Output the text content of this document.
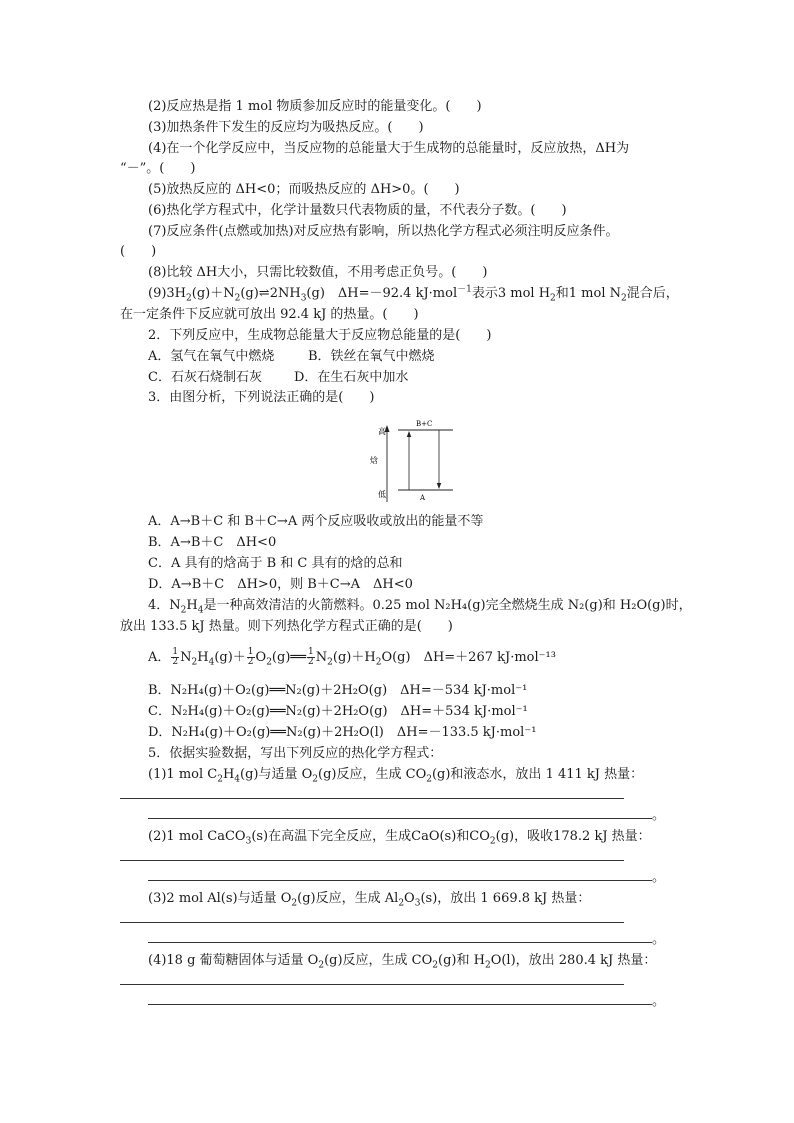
(2)反应热是指 1 mol 物质参加反应时的能量变化。(　　)
(3)加热条件下发生的反应均为吸热反应。(　　)
(4)在一个化学反应中，当反应物的总能量大于生成物的总能量时，反应放热，ΔH为
“－”。(　　)
(5)放热反应的 ΔH<0；而吸热反应的 ΔH>0。(　　)
(6)热化学方程式中，化学计量数只代表物质的量，不代表分子数。(　　)
(7)反应条件(点燃或加热)对反应热有影响，所以热化学方程式必须注明反应条件。
(　　)
(8)比较 ΔH大小，只需比较数值，不用考虑正负号。(　　)
$(9)3H_2(g)+N_2(g)\rightleftharpoons 2NH_3(g)$　ΔH=－92.4 kJ·mol$^{-1}$表示3 mol $H_2$和1 mol $N_2$混合后，
在一定条件下反应就可放出 92.4 kJ 的热量。(　　)
2．下列反应中，生成物总能量大于反应物总能量的是(　　)
A．氢气在氧气中燃烧	B．铁丝在氧气中燃烧
C．石灰石烧制石灰 D．在生石灰中加水
3．由图分析，下列说法正确的是(　　)
高
焓
低
B+C
A
A．A→B＋C 和 B＋C→A 两个反应吸收或放出的能量不等
B．A→B＋C　ΔH<0
C．A 具有的焓高于 B 和 C 具有的焓的总和
D．A→B＋C　ΔH>0，则 B＋C→A　ΔH<0
4．$N_2H_4$是一种高效清洁的火箭燃料。0.25 mol N₂H₄(g)完全燃烧生成 N₂(g)和 H₂O(g)时，
放出 133.5 kJ 热量。则下列热化学方程式正确的是(　　)
A． $\frac{1}{2} N_2H_4(g)+ \frac{1}{2}$ $O_2(g)══ \frac{1}{2} N_2(g)+H_2O(g)$　ΔH=＋267 kJ·mol⁻¹³
B．N₂H₄(g)＋O₂(g)══N₂(g)＋2H₂O(g)　ΔH=－534 kJ·mol⁻¹
C．N₂H₄(g)＋O₂(g)══N₂(g)＋2H₂O(g)　ΔH=＋534 kJ·mol⁻¹
D．N₂H₄(g)＋O₂(g)══N₂(g)＋2H₂O(l)　ΔH=－133.5 kJ·mol⁻¹
5．依据实验数据，写出下列反应的热化学方程式：
(1)1 mol $C_2H_4(g)$与适量 $O_2(g)$反应，生成 $CO_2(g)$和液态水，放出 1 411 kJ 热量：
。
(2)1 mol CaCO$_3$(s)在高温下完全反应，生成CaO(s)和$CO_2(g)$，吸收178.2 kJ 热量：
。
(3)2 mol Al(s)与适量 $O_2(g)$反应，生成 $Al_2O_3(s)$，放出 1 669.8 kJ 热量：
。
(4)18 g 葡萄糖固体与适量 $O_2(g)$反应，生成 $CO_2(g)$和 $H_2O(l)$，放出 280.4 kJ 热量：
。
